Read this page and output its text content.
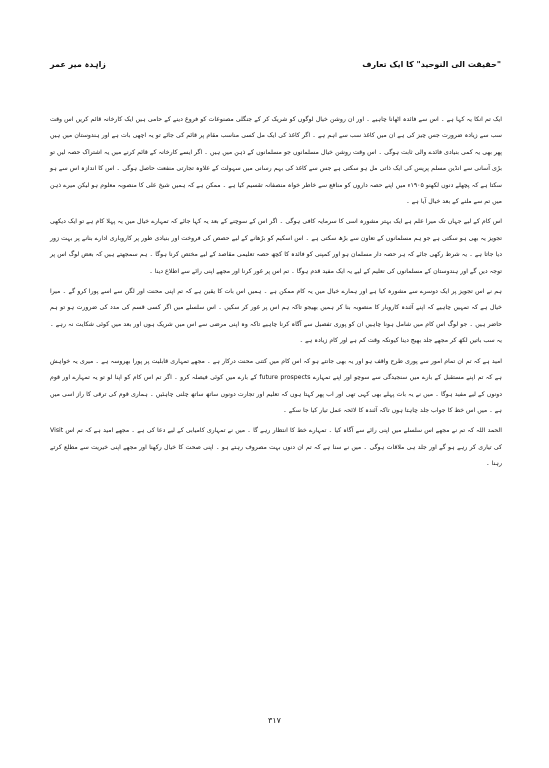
"حقیقت الی النوحید" کا ایک تعارف
زاہدہ میر عمر

ایک تم انکا یہ کہا ہے ۔ اس سے فائدہ اٹھانا چاہیے ۔ اور ان روشن خیال لوگوں کو شریک کر کے جنگلی مصنوعات کو فروغ دینے کے حامی ہیں ایک کارخانہ قائم کریں اس وقت سب سے زیادہ ضرورت جس چیز کی ہے ان میں کاغذ سب سے اہم ہے ۔ اگر کاغذ کی ایک مل کسی مناسب مقام پر قائم کی جائے تو یہ اچھی بات ہے اور ہندوستان میں ہیں پھر بھی یہ کمی بنیادی فائدے والی ثابت ہوگی ۔ اس وقت روشن خیال مسلمانوں جو مسلمانوں کے ذہن میں ہیں ۔ اگر ایسے کارخانہ کے قائم کرنے میں یہ اشتراک حصہ لیں تو بڑی آسانی سے انڈین مسلم پریس کی ایک ذاتی مل ہو سکتی ہے جس سے کاغذ کی بہم رسانی میں سہولت کے علاوہ تجارتی منفعت حاصل ہوگی ۔ اس کا اندازہ اس سے ہو سکتا ہے کہ پچھلے دنوں لکھنو ۱۹۰۵ء میں اپنے حصہ داروں کو منافع سے خاطر خواہ منصفانہ تقسیم کیا ہے ۔ ممکن ہے کہ ہمیں شیخ علی کا منصوبہ معلوم ہو لیکن میرے ذہن میں تم سے ملنے کے بعد خیال آیا ہے ۔

اس کام کے لیے جہاں تک میرا علم ہے ایک بہتر مشورہ اسی کا سرمایہ کافی ہوگی ۔ اگر اس کے سوچنے کے بعد یہ کہا جائے کہ تمہارے خیال میں یہ پہلا کام ہے تو ایک دیکھی تجویز یہ بھی ہو سکتی ہے جو ہم مسلمانوں کے تعاون سے بڑھ سکتی ہے ۔ اس اسکیم کو بڑھانے کے لیے حصص کی فروخت اور بنیادی طور پر کاروباری ادارے بنانے پر بہت زور دیا جاتا ہے ۔ یہ شرط رکھی جائے کہ ہر حصہ دار مسلمان ہو اور کمپنی کو فائدہ کا کچھ حصہ تعلیمی مقاصد کے لیے مختص کرنا ہوگا ۔ ہم سمجھتے ہیں کہ بعض لوگ اس پر توجہ دیں گے اور ہندوستان کے مسلمانوں کی تعلیم کے لیے یہ ایک مفید قدم ہوگا ۔ تم اس پر غور کرنا اور مجھے اپنی رائے سے اطلاع دینا ۔

ہم نے اس تجویز پر ایک دوسرے سے مشورہ کیا ہے اور ہمارے خیال میں یہ کام ممکن ہے ۔ ہمیں اس بات کا یقین ہے کہ تم اپنی محنت اور لگن سے اسے پورا کرو گے ۔ میرا خیال ہے کہ تمہیں چاہیے کہ اپنے آئندہ کاروبار کا منصوبہ بنا کر ہمیں بھیجو تاکہ ہم اس پر غور کر سکیں ۔ اس سلسلے میں اگر کسی قسم کی مدد کی ضرورت ہو تو ہم حاضر ہیں ۔ جو لوگ اس کام میں شامل ہونا چاہیں ان کو پوری تفصیل سے آگاہ کرنا چاہیے تاکہ وہ اپنی مرضی سے اس میں شریک ہوں اور بعد میں کوئی شکایت نہ رہے ۔ یہ سب باتیں لکھ کر مجھے جلد بھیج دینا کیونکہ وقت کم ہے اور کام زیادہ ہے ۔

امید ہے کہ تم ان تمام امور سے پوری طرح واقف ہو اور یہ بھی جانتے ہو کہ اس کام میں کتنی محنت درکار ہے ۔ مجھے تمہاری قابلیت پر پورا بھروسہ ہے ۔ میری یہ خواہش ہے کہ تم اپنے مستقبل کے بارے میں سنجیدگی سے سوچو اور اپنے تمہارے future prospects کے بارے میں کوئی فیصلہ کرو ۔ اگر تم اس کام کو اپنا لو تو یہ تمہارے اور قوم دونوں کے لیے مفید ہوگا ۔ میں نے یہ بات پہلے بھی کہی تھی اور اب پھر کہتا ہوں کہ تعلیم اور تجارت دونوں ساتھ ساتھ چلنی چاہئیں ۔ ہماری قوم کی ترقی کا راز اسی میں ہے ۔ میں اس خط کا جواب جلد چاہتا ہوں تاکہ آئندہ کا لائحہ عمل تیار کیا جا سکے ۔

الحمد اللہ کہ تم نے مجھے اس سلسلے میں اپنی رائے سے آگاہ کیا ۔ تمہارے خط کا انتظار رہے گا ۔ میں نے تمہاری کامیابی کے لیے دعا کی ہے ۔ مجھے امید ہے کہ تم اس Visit کی تیاری کر رہے ہو گے اور جلد ہی ملاقات ہوگی ۔ میں نے سنا ہے کہ تم ان دنوں بہت مصروف رہتے ہو ۔ اپنی صحت کا خیال رکھنا اور مجھے اپنی خیریت سے مطلع کرتے رہنا ۔

۳۱۷
